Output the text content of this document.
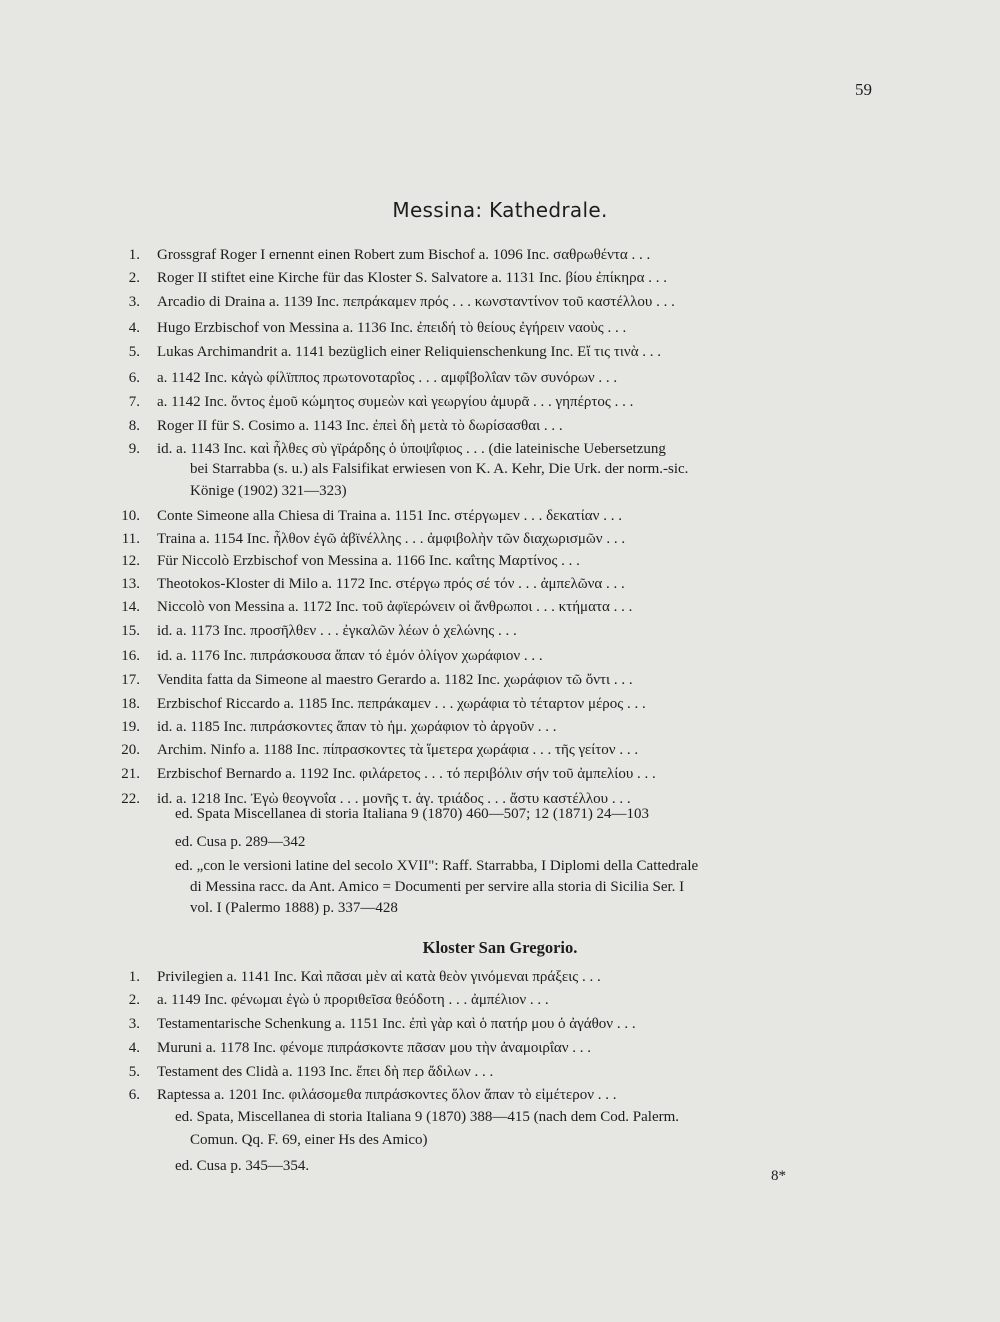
59
Messina: Kathedrale.
1. Grossgraf Roger I ernennt einen Robert zum Bischof a. 1096 Inc. σαθρωθέντα . . .
2. Roger II stiftet eine Kirche für das Kloster S. Salvatore a. 1131 Inc. βίου ἐπίκηρα . . .
3. Arcadio di Draina a. 1139 Inc. πεπράκαμεν πρός . . . κωνσταντίνον τοῦ καστέλλου . . .
4. Hugo Erzbischof von Messina a. 1136 Inc. ἐπειδή τὸ θείους ἐγήρειν ναοὺς . . .
5. Lukas Archimandrit a. 1141 bezüglich einer Reliquienschenkung Inc. Εἴ τις τινὰ . . .
6. a. 1142 Inc. κἀγὼ φίλϊππος πρωτονοταρΐος . . . αμφΐβολΐαν τῶν συνόρων . . .
7. a. 1142 Inc. ὄντος ἐμοῦ κώμητος συμεὼν καὶ γεωργίου ἀμυρᾶ . . . γηπέρτος . . .
8. Roger II für S. Cosimo a. 1143 Inc. ἐπεὶ δὴ μετὰ τὸ δωρίσασθαι . . .
9. id. a. 1143 Inc. καὶ ἦλθες σὺ γϊράρδης ὁ ὑποψΐφιος . . . (die lateinische Uebersetzung
10. Conte Simeone alla Chiesa di Traina a. 1151 Inc. στέργωμεν . . . δεκατίαν . . .
11. Traina a. 1154 Inc. ἦλθον ἐγῶ ἀβϊνέλλης . . . ἀμφιβολὴν τῶν διαχωρισμῶν . . .
12. Für Niccolò Erzbischof von Messina a. 1166 Inc. καΐτης Μαρτίνος . . .
13. Theotokos-Kloster di Milo a. 1172 Inc. στέργω πρός σέ τόν . . . ἀμπελῶνα . . .
14. Niccolò von Messina a. 1172 Inc. τοῦ ἀφϊερώνειν οἱ ἄνθρωποι . . . κτήματα . . .
15. id. a. 1173 Inc. προσῆλθεν . . . ἐγκαλῶν λέων ὁ χελώνης . . .
16. id. a. 1176 Inc. πιπράσκουσα ἅπαν τό ἐμόν ὀλίγον χωράφιον . . .
17. Vendita fatta da Simeone al maestro Gerardo a. 1182 Inc. χωράφιον τῶ ὄντι . . .
18. Erzbischof Riccardo a. 1185 Inc. πεπράκαμεν . . . χωράφια τὸ τέταρτον μέρος . . .
19. id. a. 1185 Inc. πιπράσκοντες ἅπαν τὸ ἡμ. χωράφιον τὸ ἀργοῦν . . .
20. Archim. Ninfo a. 1188 Inc. πίπρασκοντες τὰ ἵμετερα χωράφια . . . τῆς γείτον . . .
21. Erzbischof Bernardo a. 1192 Inc. φιλάρετος . . . τό περιβόλιν σήν τοῦ ἀμπελίου . . .
22. id. a. 1218 Inc. Ἐγὼ θεογνοΐα . . . μονῆς τ. ἁγ. τριάδος . . . ἄστυ καστέλλου . . .
bei Starrabba (s. u.) als Falsifikat erwiesen von K. A. Kehr, Die Urk. der norm.-sic.
Könige (1902) 321—323)
ed. Spata Miscellanea di storia Italiana 9 (1870) 460—507; 12 (1871) 24—103
ed. Cusa p. 289—342
ed. „con le versioni latine del secolo XVII": Raff. Starrabba, I Diplomi della Cattedrale
di Messina racc. da Ant. Amico = Documenti per servire alla storia di Sicilia Ser. I
vol. I (Palermo 1888) p. 337—428
Kloster San Gregorio.
1. Privilegien a. 1141 Inc. Καὶ πᾶσαι μὲν αἱ κατὰ θεὸν γινόμεναι πράξεις . . .
2. a. 1149 Inc. φένωμαι ἐγὼ ὑ προριθεῖσα θεόδοτη . . . ἀμπέλιον . . .
3. Testamentarische Schenkung a. 1151 Inc. ἐπὶ γὰρ καὶ ὁ πατήρ μου ὁ ἀγάθον . . .
4. Muruni a. 1178 Inc. φένομε πιπράσκοντε πᾶσαν μου τὴν ἀναμοιρΐαν . . .
5. Testament des Clidà a. 1193 Inc. ἔπει δὴ περ ἄδιλων . . .
6. Raptessa a. 1201 Inc. φιλάσομεθα πιπράσκοντες ὅλον ἅπαν τὸ εἱμέτερον . . .
ed. Spata, Miscellanea di storia Italiana 9 (1870) 388—415 (nach dem Cod. Palerm.
Comun. Qq. F. 69, einer Hs des Amico)
ed. Cusa p. 345—354.
8*
